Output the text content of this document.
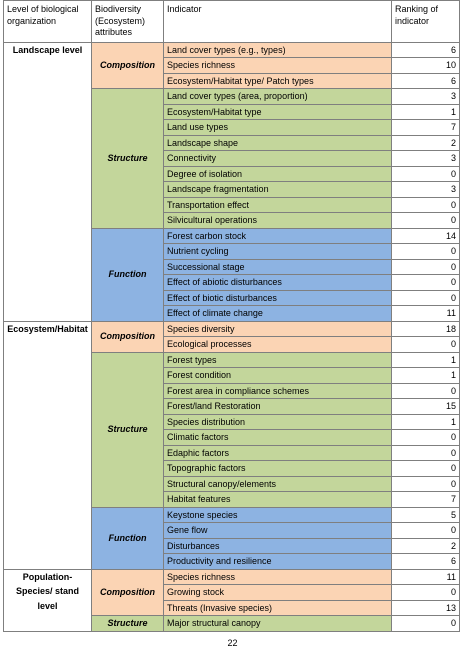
Level of biological organization	Biodiversity (Ecosystem) attributes	Indicator	Ranking of indicator
Landscape level	Composition	Land cover types (e.g., types)	6
		Species richness	10
		Ecosystem/Habitat type/ Patch types	6
	Structure	Land cover types (area, proportion)	3
		Ecosystem/Habitat type	1
		Land use types	7
		Landscape shape	2
		Connectivity	3
		Degree of isolation	0
		Landscape fragmentation	3
		Transportation effect	0
		Silvicultural operations	0
	Function	Forest carbon stock	14
		Nutrient cycling	0
		Successional stage	0
		Effect of abiotic disturbances	0
		Effect of biotic disturbances	0
		Effect of climate change	11
Ecosystem/Habitat	Composition	Species diversity	18
		Ecological processes	0
	Structure	Forest types	1
		Forest condition	1
		Forest area in compliance schemes	0
		Forest/land Restoration	15
		Species distribution	1
		Climatic factors	0
		Edaphic factors	0
		Topographic factors	0
		Structural canopy/elements	0
		Habitat features	7
	Function	Keystone species	5
		Gene flow	0
		Disturbances	2
		Productivity and resilience	6
Population-Species/ stand level	Composition	Species richness	11
		Growing stock	0
		Threats (Invasive species)	13
	Structure	Major structural canopy	0
22
